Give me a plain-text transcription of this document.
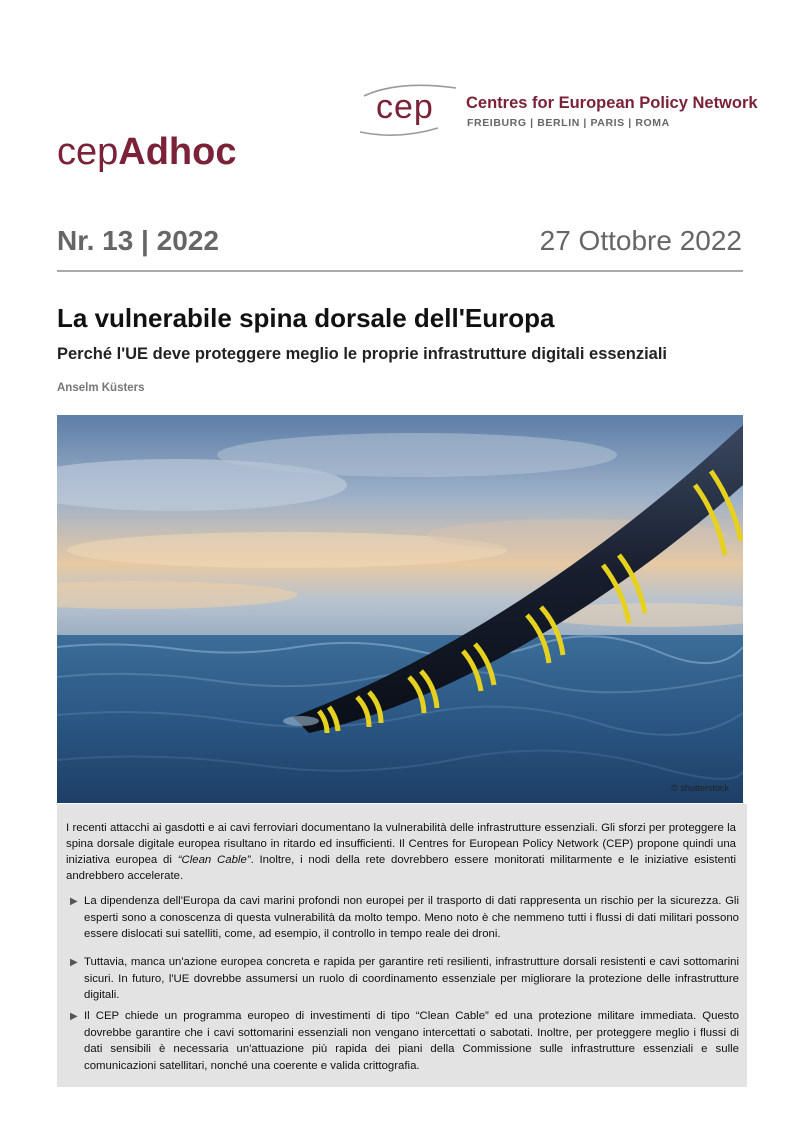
cep Centres for European Policy Network
FREIBURG | BERLIN | PARIS | ROMA
cepAdhoc
Nr. 13 | 2022	27 Ottobre 2022
La vulnerabile spina dorsale dell'Europa
Perché l'UE deve proteggere meglio le proprie infrastrutture digitali essenziali
Anselm Küsters
© shutterstock

I recenti attacchi ai gasdotti e ai cavi ferroviari documentano la vulnerabilità delle infrastrutture essenziali. Gli sforzi per proteggere la spina dorsale digitale europea risultano in ritardo ed insufficienti. Il Centres for European Policy Network (CEP) propone quindi una iniziativa europea di “Clean Cable”. Inoltre, i nodi della rete dovrebbero essere monitorati militarmente e le iniziative esistenti andrebbero accelerate.

▶ La dipendenza dell'Europa da cavi marini profondi non europei per il trasporto di dati rappresenta un rischio per la sicurezza. Gli esperti sono a conoscenza di questa vulnerabilità da molto tempo. Meno noto è che nemmeno tutti i flussi di dati militari possono essere dislocati sui satelliti, come, ad esempio, il controllo in tempo reale dei droni.

▶ Tuttavia, manca un'azione europea concreta e rapida per garantire reti resilienti, infrastrutture dorsali resistenti e cavi sottomarini sicuri. In futuro, l'UE dovrebbe assumersi un ruolo di coordinamento essenziale per migliorare la protezione delle infrastrutture digitali.

▶ Il CEP chiede un programma europeo di investimenti di tipo “Clean Cable” ed una protezione militare immediata. Questo dovrebbe garantire che i cavi sottomarini essenziali non vengano intercettati o sabotati. Inoltre, per proteggere meglio i flussi di dati sensibili è necessaria un'attuazione più rapida dei piani della Commissione sulle infrastrutture essenziali e sulle comunicazioni satellitari, nonché una coerente e valida crittografia.
